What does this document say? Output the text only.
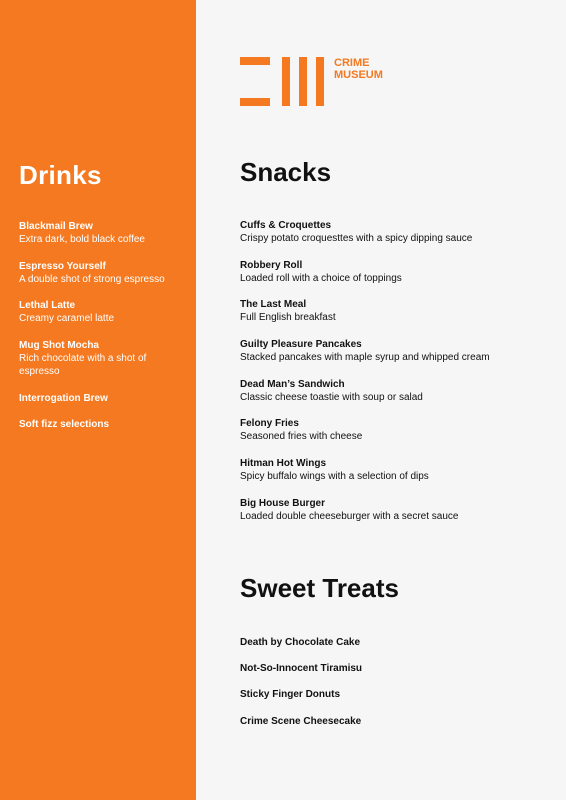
Drinks
Blackmail Brew
Extra dark, bold black coffee
Espresso Yourself
A double shot of strong espresso
Lethal Latte
Creamy caramel latte
Mug Shot Mocha
Rich chocolate with a shot of espresso
Interrogation Brew
Soft fizz selections
CRIME
MUSEUM
Snacks
Cuffs & Croquettes
Crispy potato croquesttes with a spicy dipping sauce
Robbery Roll
Loaded roll with a choice of toppings
The Last Meal
Full English breakfast
Guilty Pleasure Pancakes
Stacked pancakes with maple syrup and whipped cream
Dead Man’s Sandwich
Classic cheese toastie with soup or salad
Felony Fries
Seasoned fries with cheese
Hitman Hot Wings
Spicy buffalo wings with a selection of dips
Big House Burger
Loaded double cheeseburger with a secret sauce
Sweet Treats
Death by Chocolate Cake
Not-So-Innocent Tiramisu
Sticky Finger Donuts
Crime Scene Cheesecake
